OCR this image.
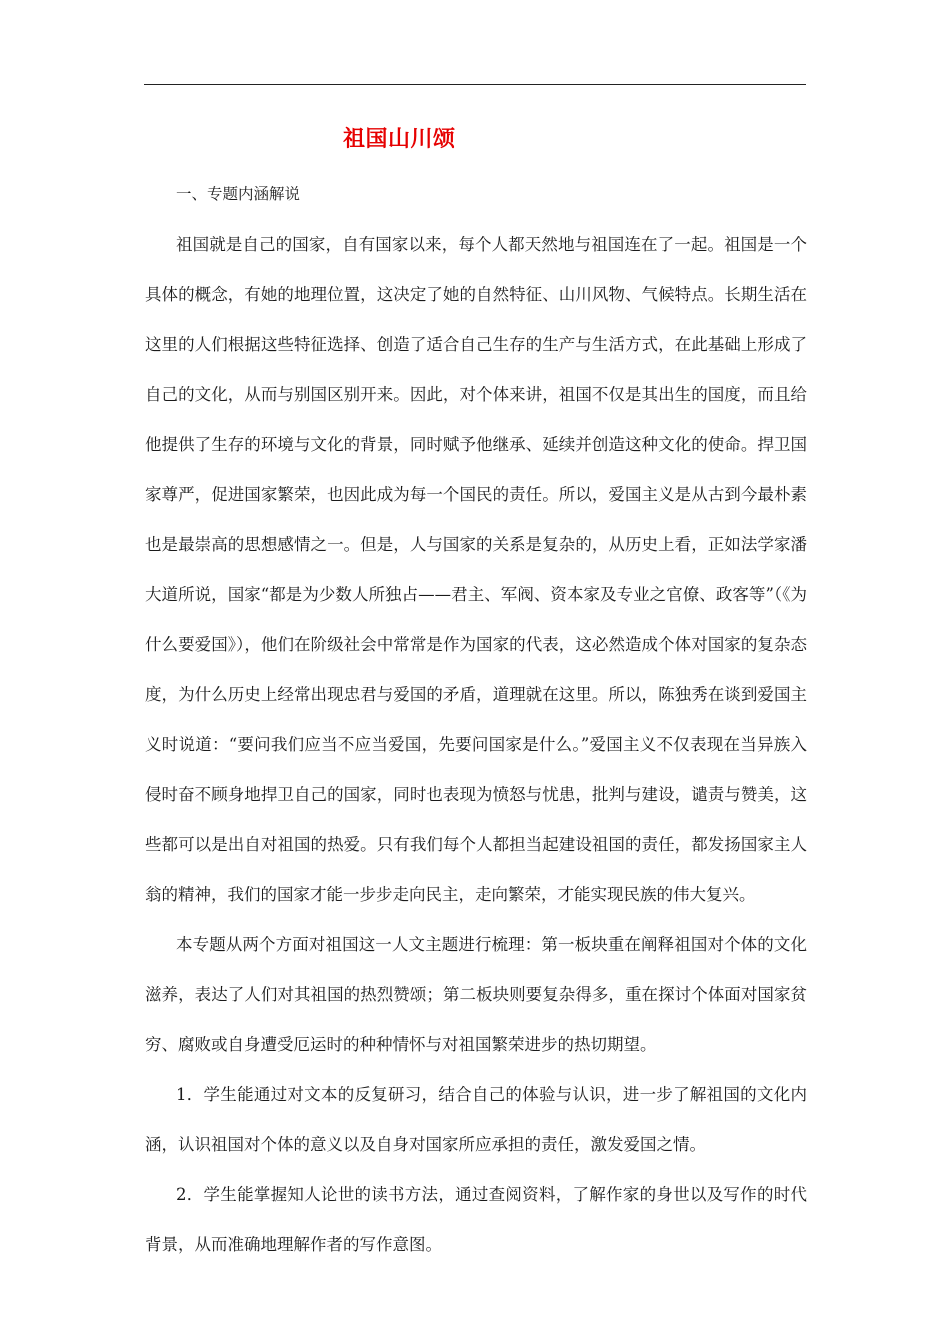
祖国山川颂

一、专题内涵解说

祖国就是自己的国家，自有国家以来，每个人都天然地与祖国连在了一起。祖国是一个具体的概念，有她的地理位置，这决定了她的自然特征、山川风物、气候特点。长期生活在这里的人们根据这些特征选择、创造了适合自己生存的生产与生活方式，在此基础上形成了自己的文化，从而与别国区别开来。因此，对个体来讲，祖国不仅是其出生的国度，而且给他提供了生存的环境与文化的背景，同时赋予他继承、延续并创造这种文化的使命。捍卫国家尊严，促进国家繁荣，也因此成为每一个国民的责任。所以，爱国主义是从古到今最朴素也是最崇高的思想感情之一。但是，人与国家的关系是复杂的，从历史上看，正如法学家潘大道所说，国家“都是为少数人所独占——君主、军阀、资本家及专业之官僚、政客等”（《为什么要爱国》），他们在阶级社会中常常是作为国家的代表，这必然造成个体对国家的复杂态度，为什么历史上经常出现忠君与爱国的矛盾，道理就在这里。所以，陈独秀在谈到爱国主义时说道：“要问我们应当不应当爱国，先要问国家是什么。”爱国主义不仅表现在当异族入侵时奋不顾身地捍卫自己的国家，同时也表现为愤怒与忧患，批判与建设，谴责与赞美，这些都可以是出自对祖国的热爱。只有我们每个人都担当起建设祖国的责任，都发扬国家主人翁的精神，我们的国家才能一步步走向民主，走向繁荣，才能实现民族的伟大复兴。

本专题从两个方面对祖国这一人文主题进行梳理：第一板块重在阐释祖国对个体的文化滋养，表达了人们对其祖国的热烈赞颂；第二板块则要复杂得多，重在探讨个体面对国家贫穷、腐败或自身遭受厄运时的种种情怀与对祖国繁荣进步的热切期望。

1．学生能通过对文本的反复研习，结合自己的体验与认识，进一步了解祖国的文化内涵，认识祖国对个体的意义以及自身对国家所应承担的责任，激发爱国之情。

2．学生能掌握知人论世的读书方法，通过查阅资料，了解作家的身世以及写作的时代背景，从而准确地理解作者的写作意图。
